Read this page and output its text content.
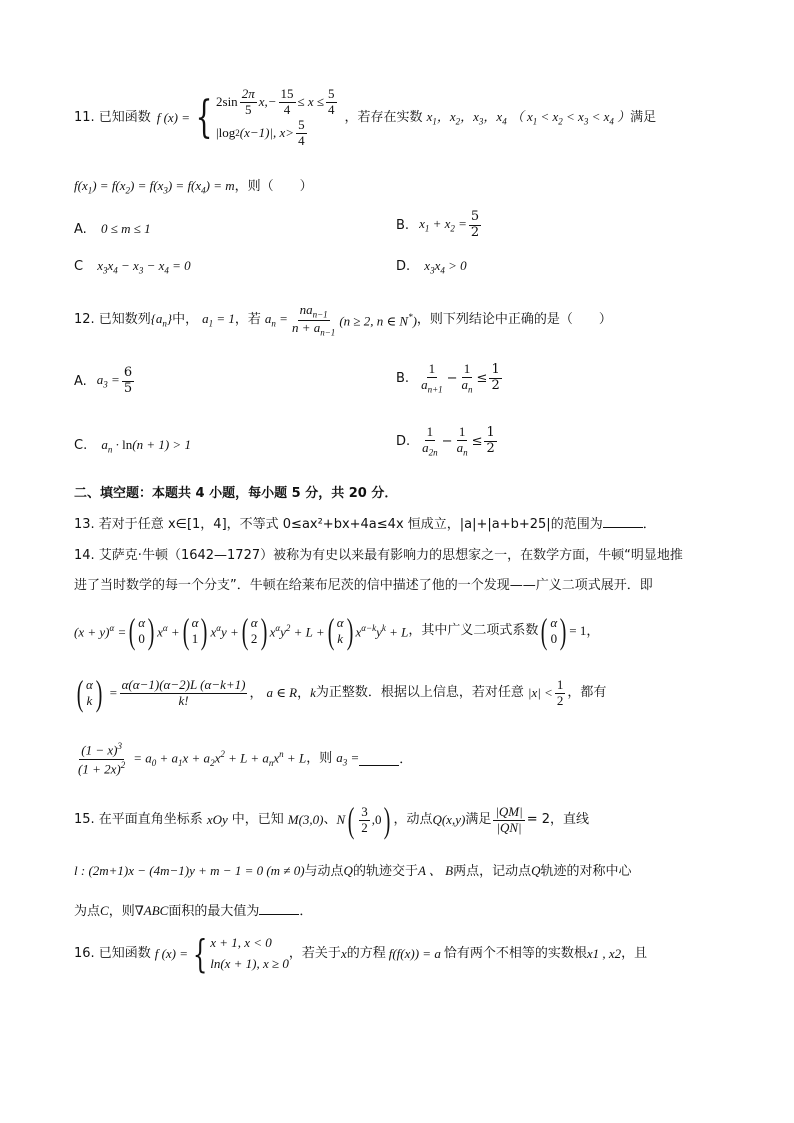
11. 已知函数 f (x) = { $2\sin \frac{2\pi}{5} x,- \frac{15}{4} \le x \le \frac{5}{4}$
|log 2 (x−1)|, $x> \frac{5}{4}$
，若存在实数 $x_1$，$x_2$，$x_3$，$x_4$ （ $x_1 < x_2 < x_3 < x_4$ ） 满足
$f(x_1) = f(x_2) = f(x_3) = f(x_4) = m$，则（　　）
A. 0 ≤ m ≤ 1	B. $x_1 + x_2 = \frac{5}{2}$
C $x_3x_4 - x_3 - x_4 = 0$	D. $x_3x_4 > 0$
12. 已知数列 $\{a_n\}$ 中， $a_1 = 1$ ，若 $a_n = \frac{na_{n-1}}{n + a_{n-1}} (n \ge 2$, n ∈ N*) ，则下列结论中正确的是（　　）
A. $a_3 = \frac{6}{5}$	B. $\frac{1}{a_{n+1}} - \frac{1}{a_n} \le \frac{1}{2}$
C. $a_n \cdot \ln(n + 1) > 1$	D. $\frac{1}{a_{2n}} - \frac{1}{a_n} \le \frac{1}{2}$
二、填空题：本题共 4 小题，每小题 5 分，共 20 分．
13. 若对于任意 x∈[1，4]，不等式 0≤ax²+bx+4a≤4x 恒成立，|a|+|a+b+25|的范围为	．
14. 艾萨克·牛顿（1642—1727）被称为有史以来最有影响力的思想家之一，在数学方面，牛顿“明显地推
进了当时数学的每一个分支”．牛顿在给莱布尼茨的信中描述了他的一个发现——广义二项式展开．即
$(x + y)^\alpha$ = ( α
0 ) $x^\alpha$ + ( α
1 ) $x^\alpha y$ + ( α
2 ) $x^\alpha y^2 + L$ + ( α
k ) $x^{\alpha-k}y^k + L$ ，其中广义二项式系数 ( α
0 ) = 1，
( α
k ) = $\frac{\alpha(\alpha-1)(\alpha-2)L (\alpha-k+1)}{k!}$ ， a ∈ R ， k 为正整数．根据以上信息，若对任意 $|x| < \frac{1}{2}$ ，都有
$\frac{(1 - x)^3}{(1 + 2x)^2} = a_0 + a_1x + a_2x^2 + L + a_nx^n + L$ ，则 $a_3$ =	．
15. 在平面直角坐标系 xOy 中，已知 M(3,0) 、 N ( $\frac{3}{2} ,0$ ) ，动点 Q(x,y) 满足 $\frac{|QM|}{|QN|} = 2$，直线
l : (2m+1)x − (4m−1)y + m − 1 = 0 (m ≠ 0)与动点Q的轨迹交于A 、 B两点，记动点Q轨迹的对称中心
为点C，则∇ABC面积的最大值为	．
16. 已知函数 f (x) = { x + 1, x < 0
ln(x + 1), x ≥ 0
，若关于 x 的方程 f(f(x)) = a 恰有两个不相等的实数根 x1 , x2 ，且
